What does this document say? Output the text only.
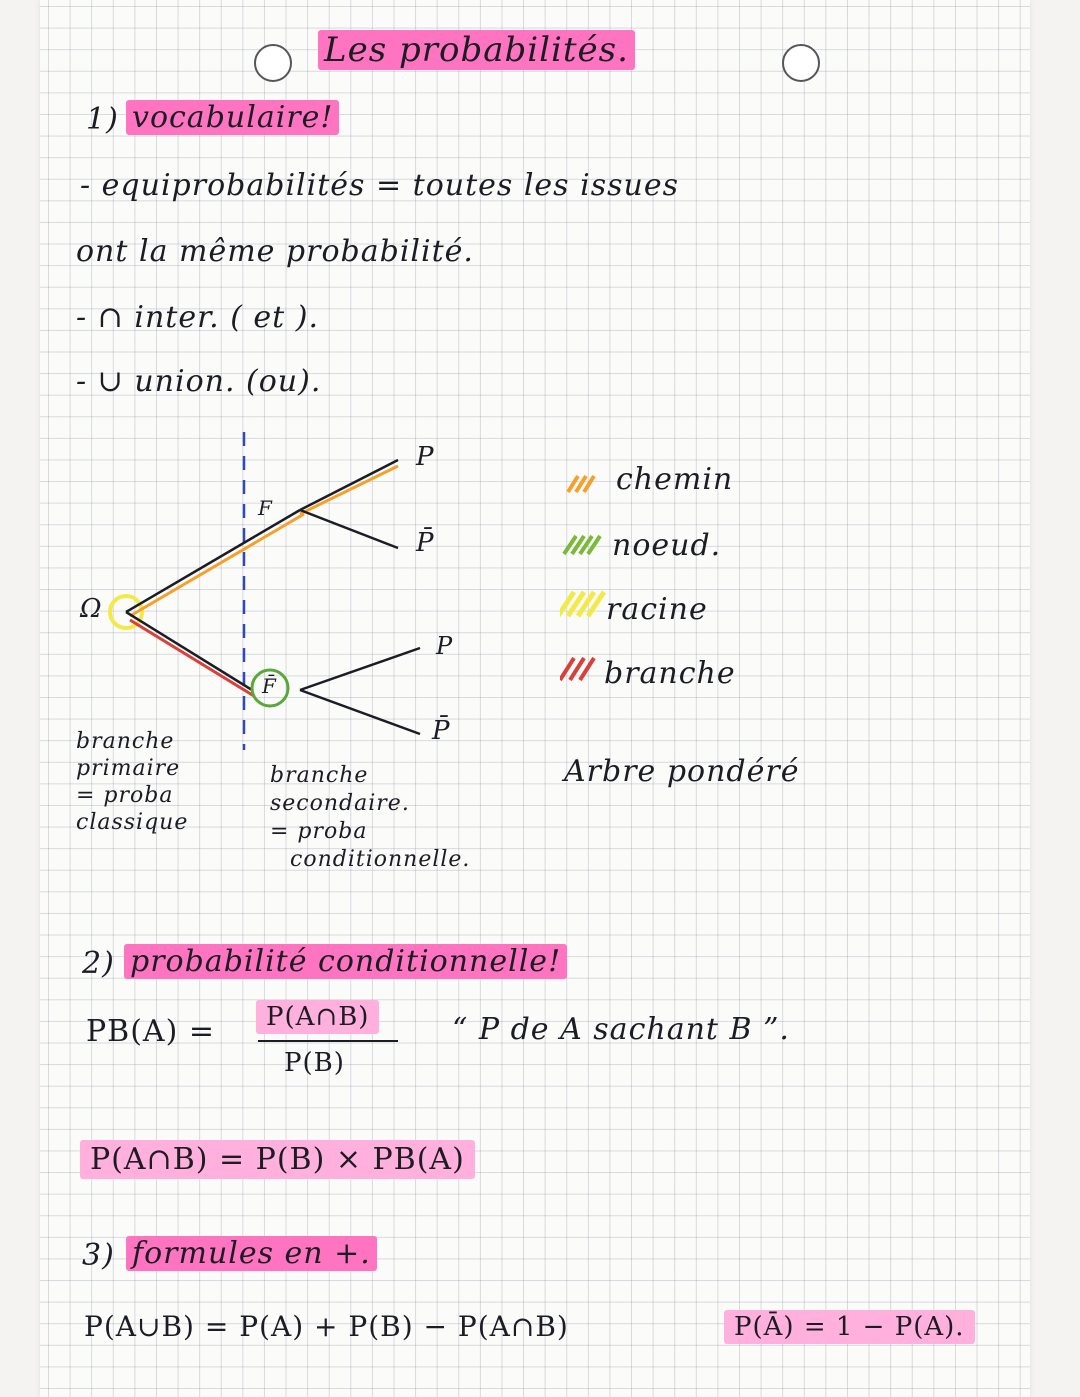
Les probabilités.
1) vocabulaire!
- equiprobabilités = toutes les issues
ont la même probabilité.
- ∩ inter. ( et ).
- ∪ union. (ou).
Ω
F
F̄
P
P̄
P
P̄
branche
primaire
= proba
classique
branche
secondaire.
= proba
conditionnelle.
chemin
noeud.
racine
branche
Arbre pondéré
2) probabilité conditionnelle!
PB(A) =	P(A∩B)
P(B)
“ P de A sachant B ”.
P(A∩B) = P(B) × PB(A)
3) formules en +.
P(A∪B) = P(A) + P(B) − P(A∩B)	P(Ā) = 1 − P(A).
